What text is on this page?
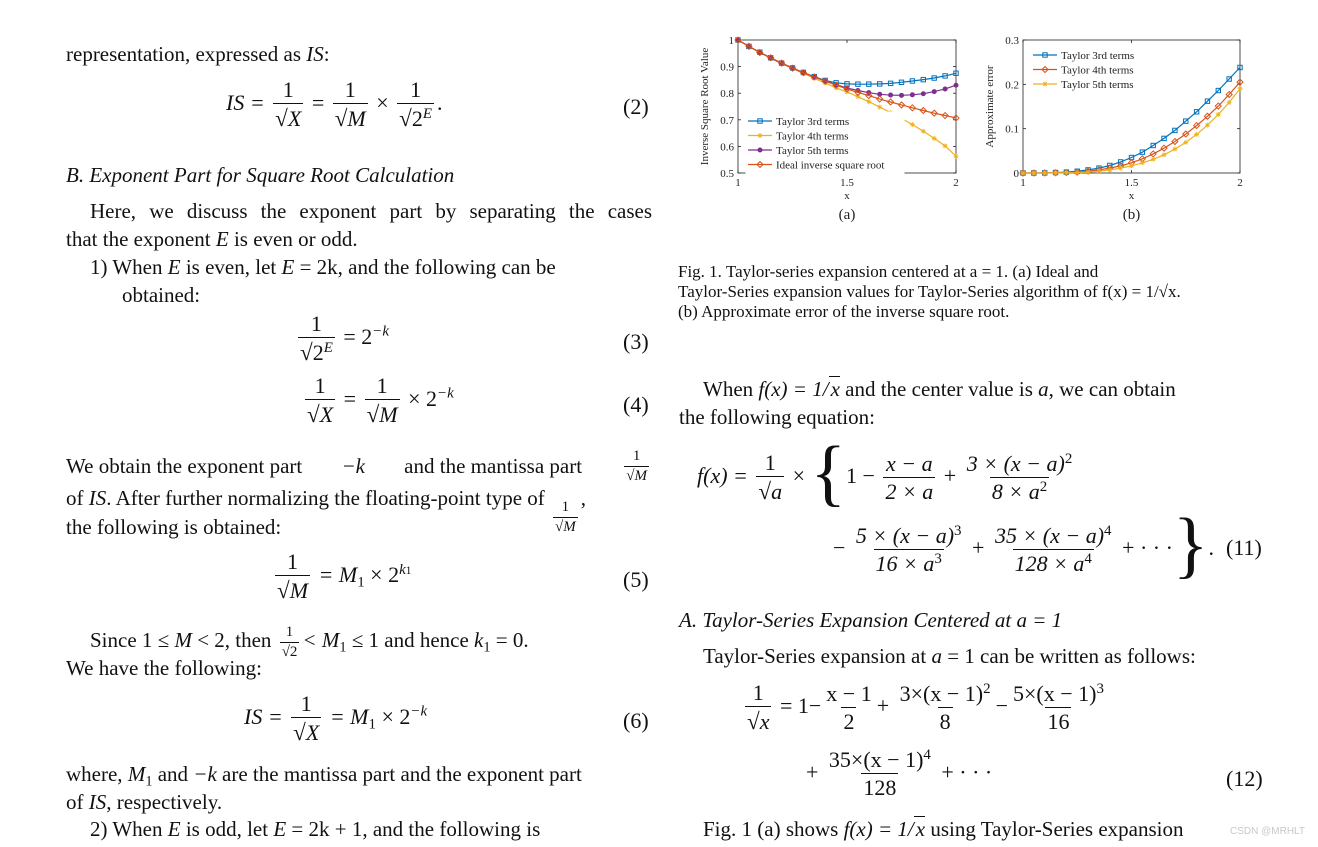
representation, expressed as IS:
IS = $\frac{1}{√X} = \frac{1}{√M} \times \frac{1}{√2^E}$ .	(2)
B. Exponent Part for Square Root Calculation
Here, we discuss the exponent part by separating the cases
that the exponent E is even or odd.
1) When E is even, let E = 2k, and the following can be
obtained:
$\frac{1}{√2^E} = 2^{-k}$	(3)
$\frac{1}{√X} = \frac{1}{√M} \times 2^{-k}$	(4)
We obtain the exponent part −k and the mantissa part	$\frac{1}{√M}$
of IS. After further normalizing the floating-point type of
$\frac{1}{√M}$
,
the following is obtained:
$\frac{1}{√M} = M_1 \times 2^{k1}$	(5)
Since 1 ≤ M < 2, then $\frac{1}{√2} < M_1 \le 1$ and hence $k_1 = 0$.
We have the following:
IS = $\frac{1}{√X} = M_1 \times 2^{-k}$	(6)
where, $M_1$ and −k are the mantissa part and the exponent part
of IS, respectively.
2) When E is odd, let E = 2k + 1, and the following is
1	1.5	2
0.5
0.6
0.7
0.8
0.9
1
x
Inverse Square Root Value
(a)
Taylor 3rd terms
Taylor 4th terms
Taylor 5th terms
Ideal inverse square root
1	1.5	2
0
0.1
0.2
0.3
x
Approximate error
(b)
Taylor 3rd terms
Taylor 4th terms
Taylor 5th terms
Fig. 1. Taylor-series expansion centered at a = 1. (a) Ideal and
Taylor-Series expansion values for Taylor-Series algorithm of f(x) = 1/√x.
(b) Approximate error of the inverse square root.
When f(x) = 1/x and the center value is a, we can obtain
the following equation:
$f(x) = \frac{1}{√a} \times \{1 - \frac{x - a}{2 \times a} + \frac{3 \times (x - a)^2}{8 \times a^2}$
− $\frac{5 \times (x - a)^3}{16 \times a^3} + \frac{35 \times (x - a)^4}{128 \times a^4}$ + · · ·}. (11)
A. Taylor-Series Expansion Centered at a = 1
Taylor-Series expansion at a = 1 can be written as follows:
$\frac{1}{√x} = 1- \frac{x - 1}{2} + \frac{3\times(x - 1)^2}{8} - \frac{5\times(x - 1)^3}{16}$
+ $\frac{35\times(x - 1)^4}{128}$ + · · ·	(12)
Fig. 1 (a) shows f(x) = 1/x using Taylor-Series expansion	CSDN @MRHLT
